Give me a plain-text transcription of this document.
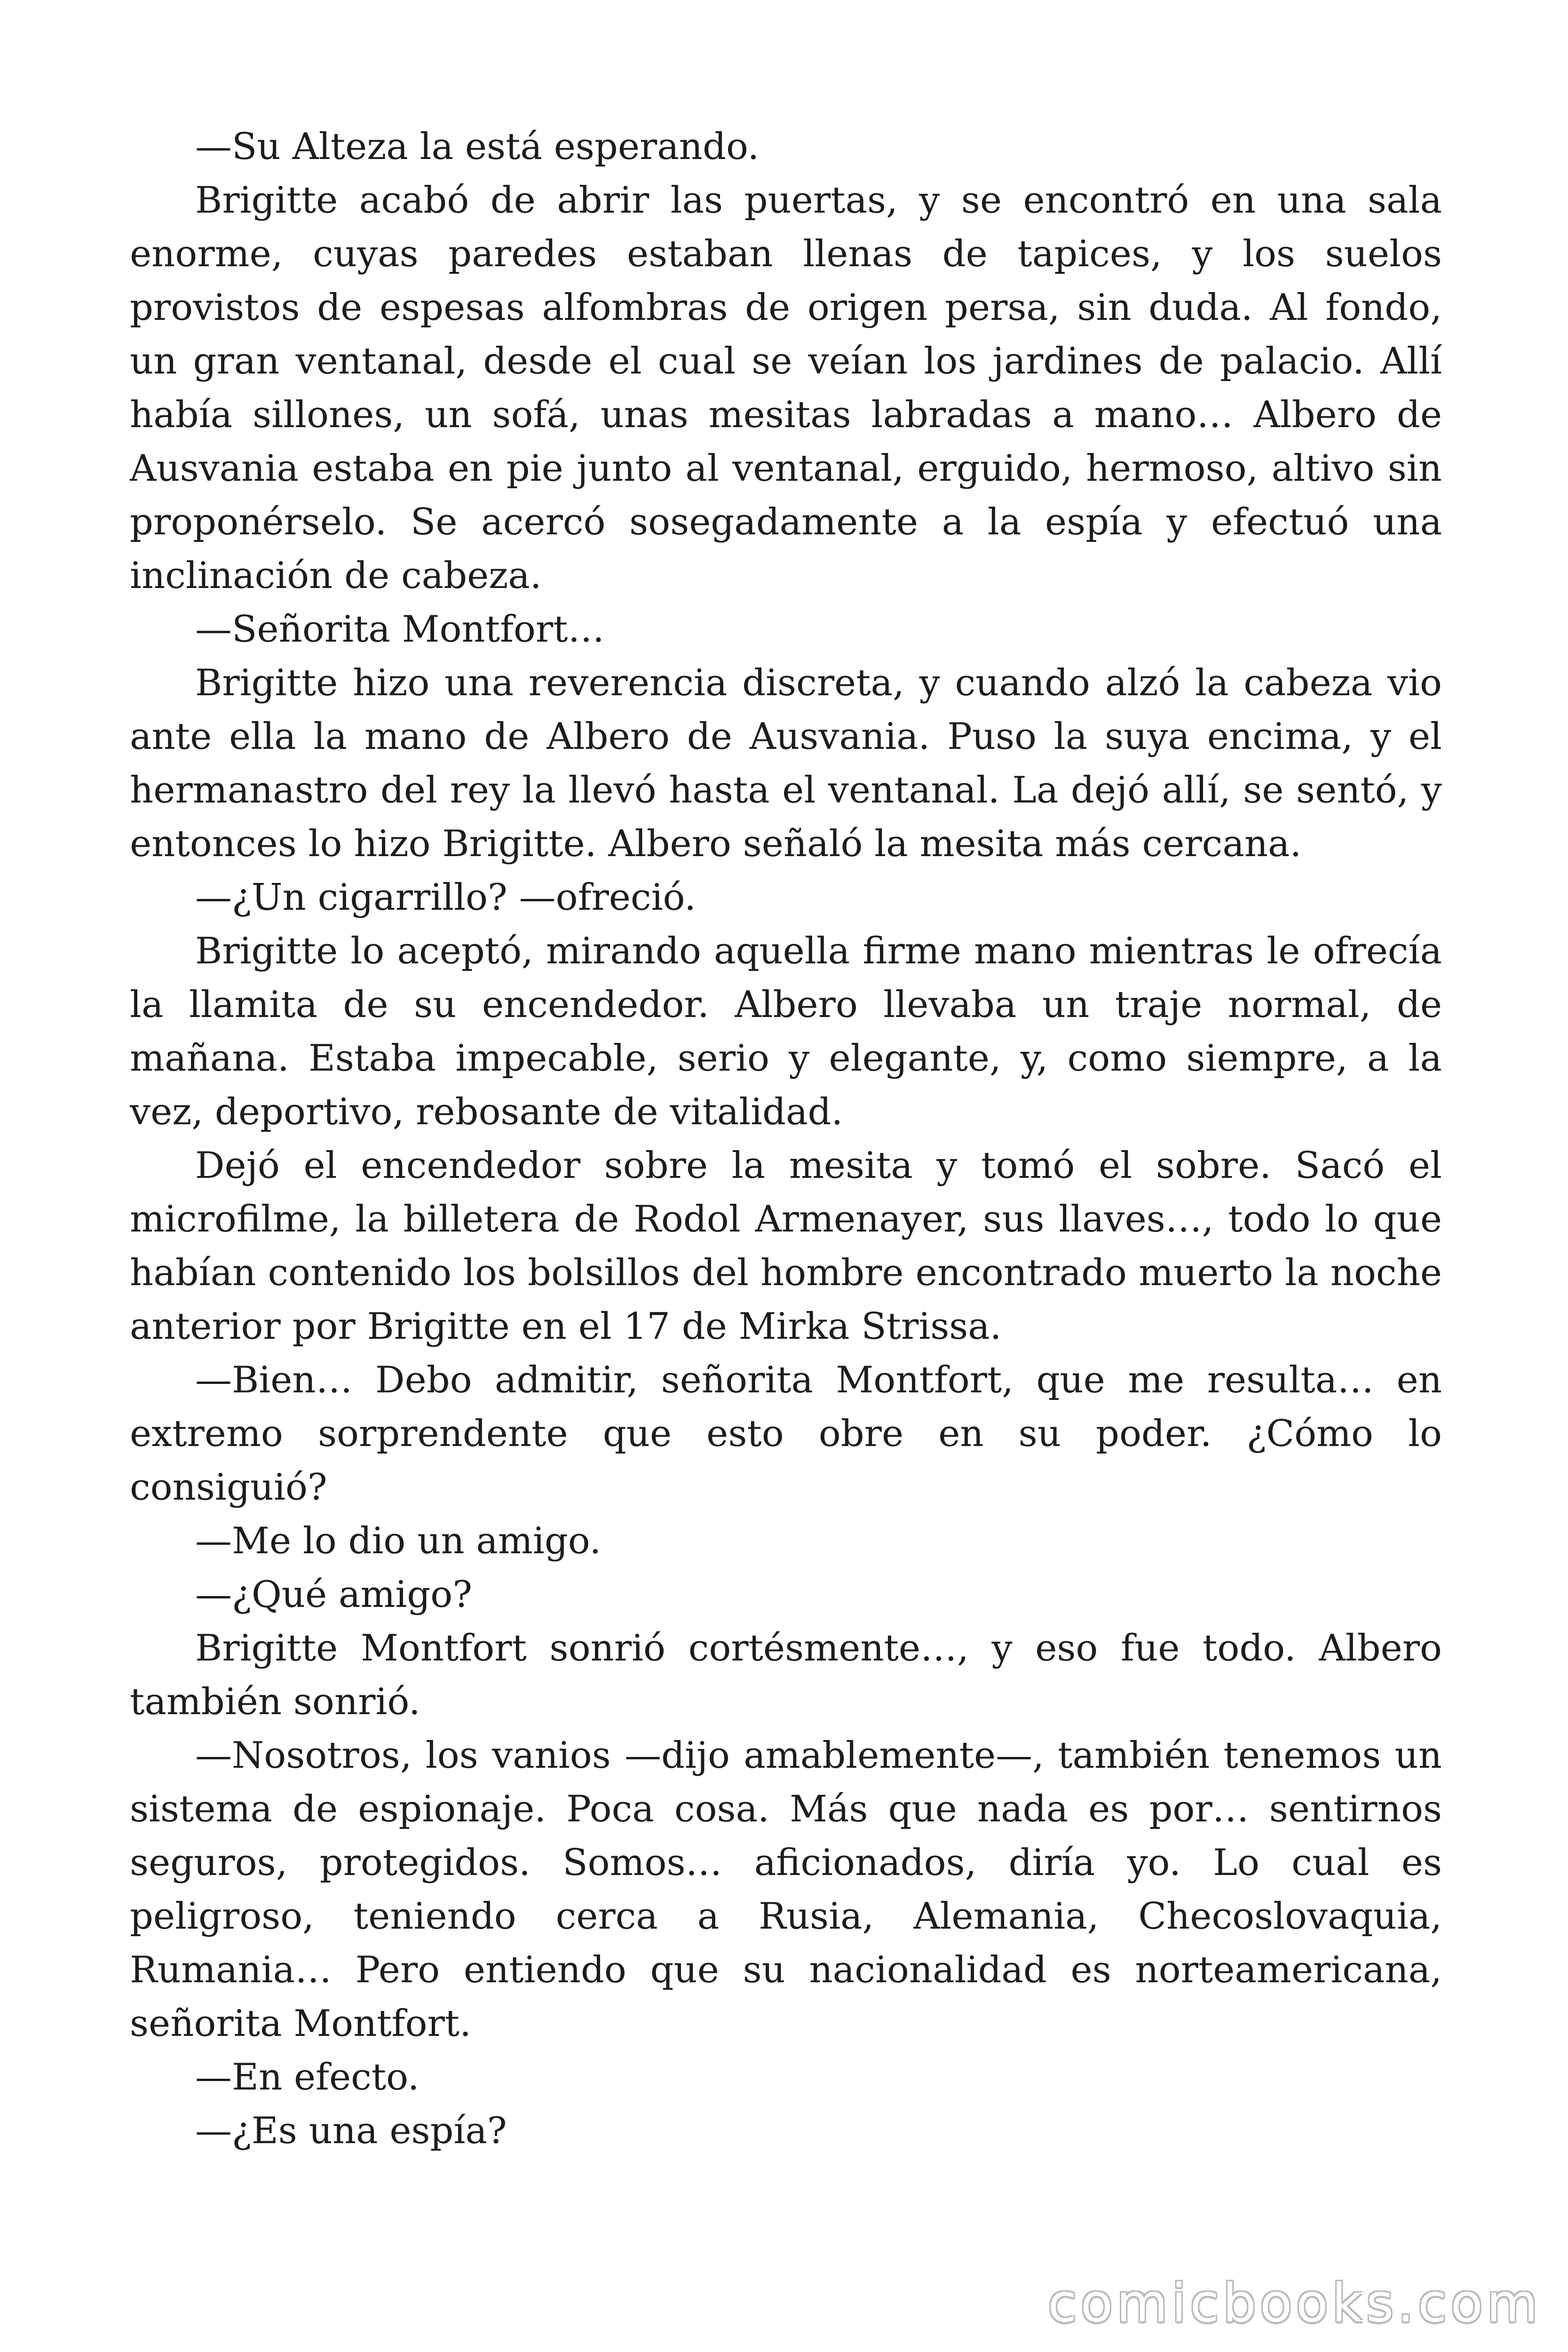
—Su Alteza la está esperando.

Brigitte acabó de abrir las puertas, y se encontró en una sala enorme, cuyas paredes estaban llenas de tapices, y los suelos provistos de espesas alfombras de origen persa, sin duda. Al fondo, un gran ventanal, desde el cual se veían los jardines de palacio. Allí había sillones, un sofá, unas mesitas labradas a mano… Albero de Ausvania estaba en pie junto al ventanal, erguido, hermoso, altivo sin proponérselo. Se acercó sosegadamente a la espía y efectuó una inclinación de cabeza.

—Señorita Montfort…

Brigitte hizo una reverencia discreta, y cuando alzó la cabeza vio ante ella la mano de Albero de Ausvania. Puso la suya encima, y el hermanastro del rey la llevó hasta el ventanal. La dejó allí, se sentó, y entonces lo hizo Brigitte. Albero señaló la mesita más cercana.

—¿Un cigarrillo? —ofreció.

Brigitte lo aceptó, mirando aquella firme mano mientras le ofrecía la llamita de su encendedor. Albero llevaba un traje normal, de mañana. Estaba impecable, serio y elegante, y, como siempre, a la vez, deportivo, rebosante de vitalidad.

Dejó el encendedor sobre la mesita y tomó el sobre. Sacó el microfilme, la billetera de Rodol Armenayer, sus llaves…, todo lo que habían contenido los bolsillos del hombre encontrado muerto la noche anterior por Brigitte en el 17 de Mirka Strissa.

—Bien… Debo admitir, señorita Montfort, que me resulta… en extremo sorprendente que esto obre en su poder. ¿Cómo lo consiguió?

—Me lo dio un amigo.

—¿Qué amigo?

Brigitte Montfort sonrió cortésmente…, y eso fue todo. Albero también sonrió.

—Nosotros, los vanios —dijo amablemente—, también tenemos un sistema de espionaje. Poca cosa. Más que nada es por… sentirnos seguros, protegidos. Somos… aficionados, diría yo. Lo cual es peligroso, teniendo cerca a Rusia, Alemania, Checoslovaquia, Rumania… Pero entiendo que su nacionalidad es norteamericana, señorita Montfort.

—En efecto.

—¿Es una espía?

comicbooks.com
